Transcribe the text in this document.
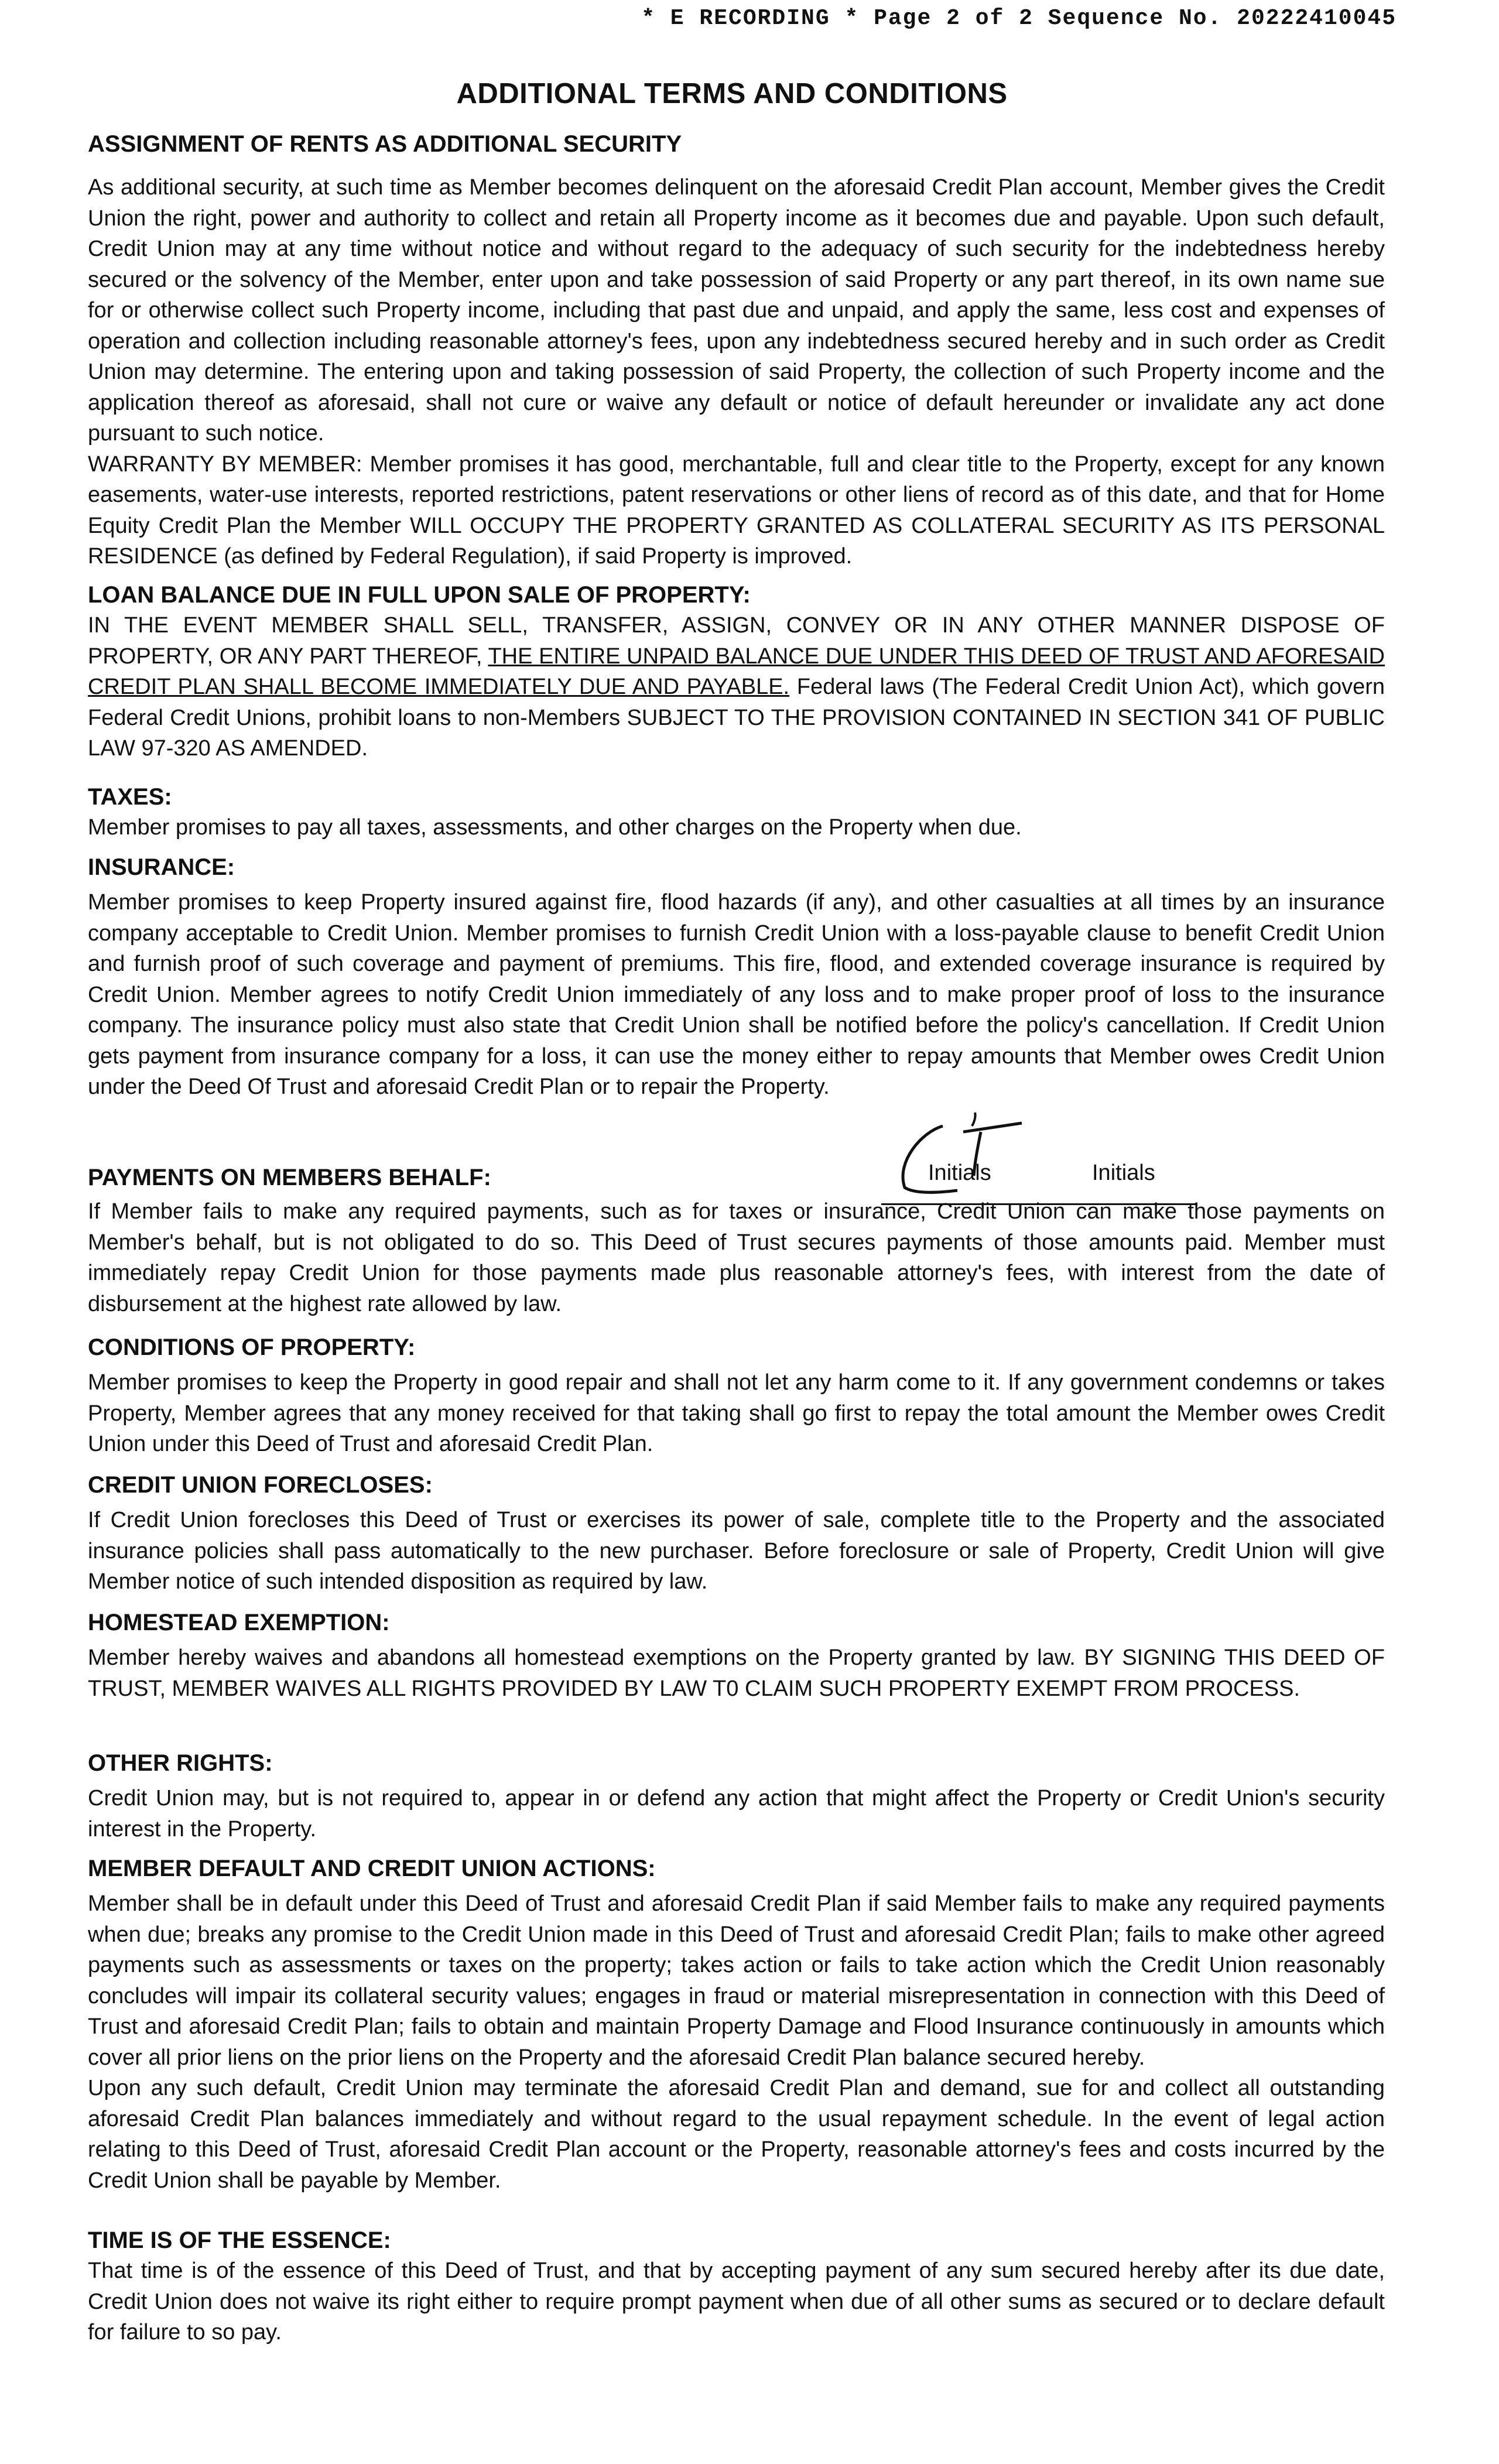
* E RECORDING * Page 2 of 2 Sequence No. 20222410045
ADDITIONAL TERMS AND CONDITIONS
ASSIGNMENT OF RENTS AS ADDITIONAL SECURITY
As additional security, at such time as Member becomes delinquent on the aforesaid Credit Plan account, Member gives the Credit Union the right, power and authority to collect and retain all Property income as it becomes due and payable. Upon such default, Credit Union may at any time without notice and without regard to the adequacy of such security for the indebtedness hereby secured or the solvency of the Member, enter upon and take possession of said Property or any part thereof, in its own name sue for or otherwise collect such Property income, including that past due and unpaid, and apply the same, less cost and expenses of operation and collection including reasonable attorney's fees, upon any indebtedness secured hereby and in such order as Credit Union may determine. The entering upon and taking possession of said Property, the collection of such Property income and the application thereof as aforesaid, shall not cure or waive any default or notice of default hereunder or invalidate any act done pursuant to such notice.
WARRANTY BY MEMBER: Member promises it has good, merchantable, full and clear title to the Property, except for any known easements, water-use interests, reported restrictions, patent reservations or other liens of record as of this date, and that for Home Equity Credit Plan the Member WILL OCCUPY THE PROPERTY GRANTED AS COLLATERAL SECURITY AS ITS PERSONAL RESIDENCE (as defined by Federal Regulation), if said Property is improved.
LOAN BALANCE DUE IN FULL UPON SALE OF PROPERTY:
IN THE EVENT MEMBER SHALL SELL, TRANSFER, ASSIGN, CONVEY OR IN ANY OTHER MANNER DISPOSE OF PROPERTY, OR ANY PART THEREOF, THE ENTIRE UNPAID BALANCE DUE UNDER THIS DEED OF TRUST AND AFORESAID CREDIT PLAN SHALL BECOME IMMEDIATELY DUE AND PAYABLE. Federal laws (The Federal Credit Union Act), which govern Federal Credit Unions, prohibit loans to non-Members SUBJECT TO THE PROVISION CONTAINED IN SECTION 341 OF PUBLIC LAW 97-320 AS AMENDED.
TAXES:
Member promises to pay all taxes, assessments, and other charges on the Property when due.
INSURANCE:
Member promises to keep Property insured against fire, flood hazards (if any), and other casualties at all times by an insurance company acceptable to Credit Union. Member promises to furnish Credit Union with a loss-payable clause to benefit Credit Union and furnish proof of such coverage and payment of premiums. This fire, flood, and extended coverage insurance is required by Credit Union. Member agrees to notify Credit Union immediately of any loss and to make proper proof of loss to the insurance company. The insurance policy must also state that Credit Union shall be notified before the policy's cancellation. If Credit Union gets payment from insurance company for a loss, it can use the money either to repay amounts that Member owes Credit Union under the Deed Of Trust and aforesaid Credit Plan or to repair the Property.
Initials	Initials
PAYMENTS ON MEMBERS BEHALF:
If Member fails to make any required payments, such as for taxes or insurance, Credit Union can make those payments on Member's behalf, but is not obligated to do so. This Deed of Trust secures payments of those amounts paid. Member must immediately repay Credit Union for those payments made plus reasonable attorney's fees, with interest from the date of disbursement at the highest rate allowed by law.
CONDITIONS OF PROPERTY:
Member promises to keep the Property in good repair and shall not let any harm come to it. If any government condemns or takes Property, Member agrees that any money received for that taking shall go first to repay the total amount the Member owes Credit Union under this Deed of Trust and aforesaid Credit Plan.
CREDIT UNION FORECLOSES:
If Credit Union forecloses this Deed of Trust or exercises its power of sale, complete title to the Property and the associated insurance policies shall pass automatically to the new purchaser. Before foreclosure or sale of Property, Credit Union will give Member notice of such intended disposition as required by law.
HOMESTEAD EXEMPTION:
Member hereby waives and abandons all homestead exemptions on the Property granted by law. BY SIGNING THIS DEED OF TRUST, MEMBER WAIVES ALL RIGHTS PROVIDED BY LAW T0 CLAIM SUCH PROPERTY EXEMPT FROM PROCESS.
OTHER RIGHTS:
Credit Union may, but is not required to, appear in or defend any action that might affect the Property or Credit Union's security interest in the Property.
MEMBER DEFAULT AND CREDIT UNION ACTIONS:
Member shall be in default under this Deed of Trust and aforesaid Credit Plan if said Member fails to make any required payments when due; breaks any promise to the Credit Union made in this Deed of Trust and aforesaid Credit Plan; fails to make other agreed payments such as assessments or taxes on the property; takes action or fails to take action which the Credit Union reasonably concludes will impair its collateral security values; engages in fraud or material misrepresentation in connection with this Deed of Trust and aforesaid Credit Plan; fails to obtain and maintain Property Damage and Flood Insurance continuously in amounts which cover all prior liens on the prior liens on the Property and the aforesaid Credit Plan balance secured hereby.
Upon any such default, Credit Union may terminate the aforesaid Credit Plan and demand, sue for and collect all outstanding aforesaid Credit Plan balances immediately and without regard to the usual repayment schedule. In the event of legal action relating to this Deed of Trust, aforesaid Credit Plan account or the Property, reasonable attorney's fees and costs incurred by the Credit Union shall be payable by Member.
TIME IS OF THE ESSENCE:
That time is of the essence of this Deed of Trust, and that by accepting payment of any sum secured hereby after its due date, Credit Union does not waive its right either to require prompt payment when due of all other sums as secured or to declare default for failure to so pay.
